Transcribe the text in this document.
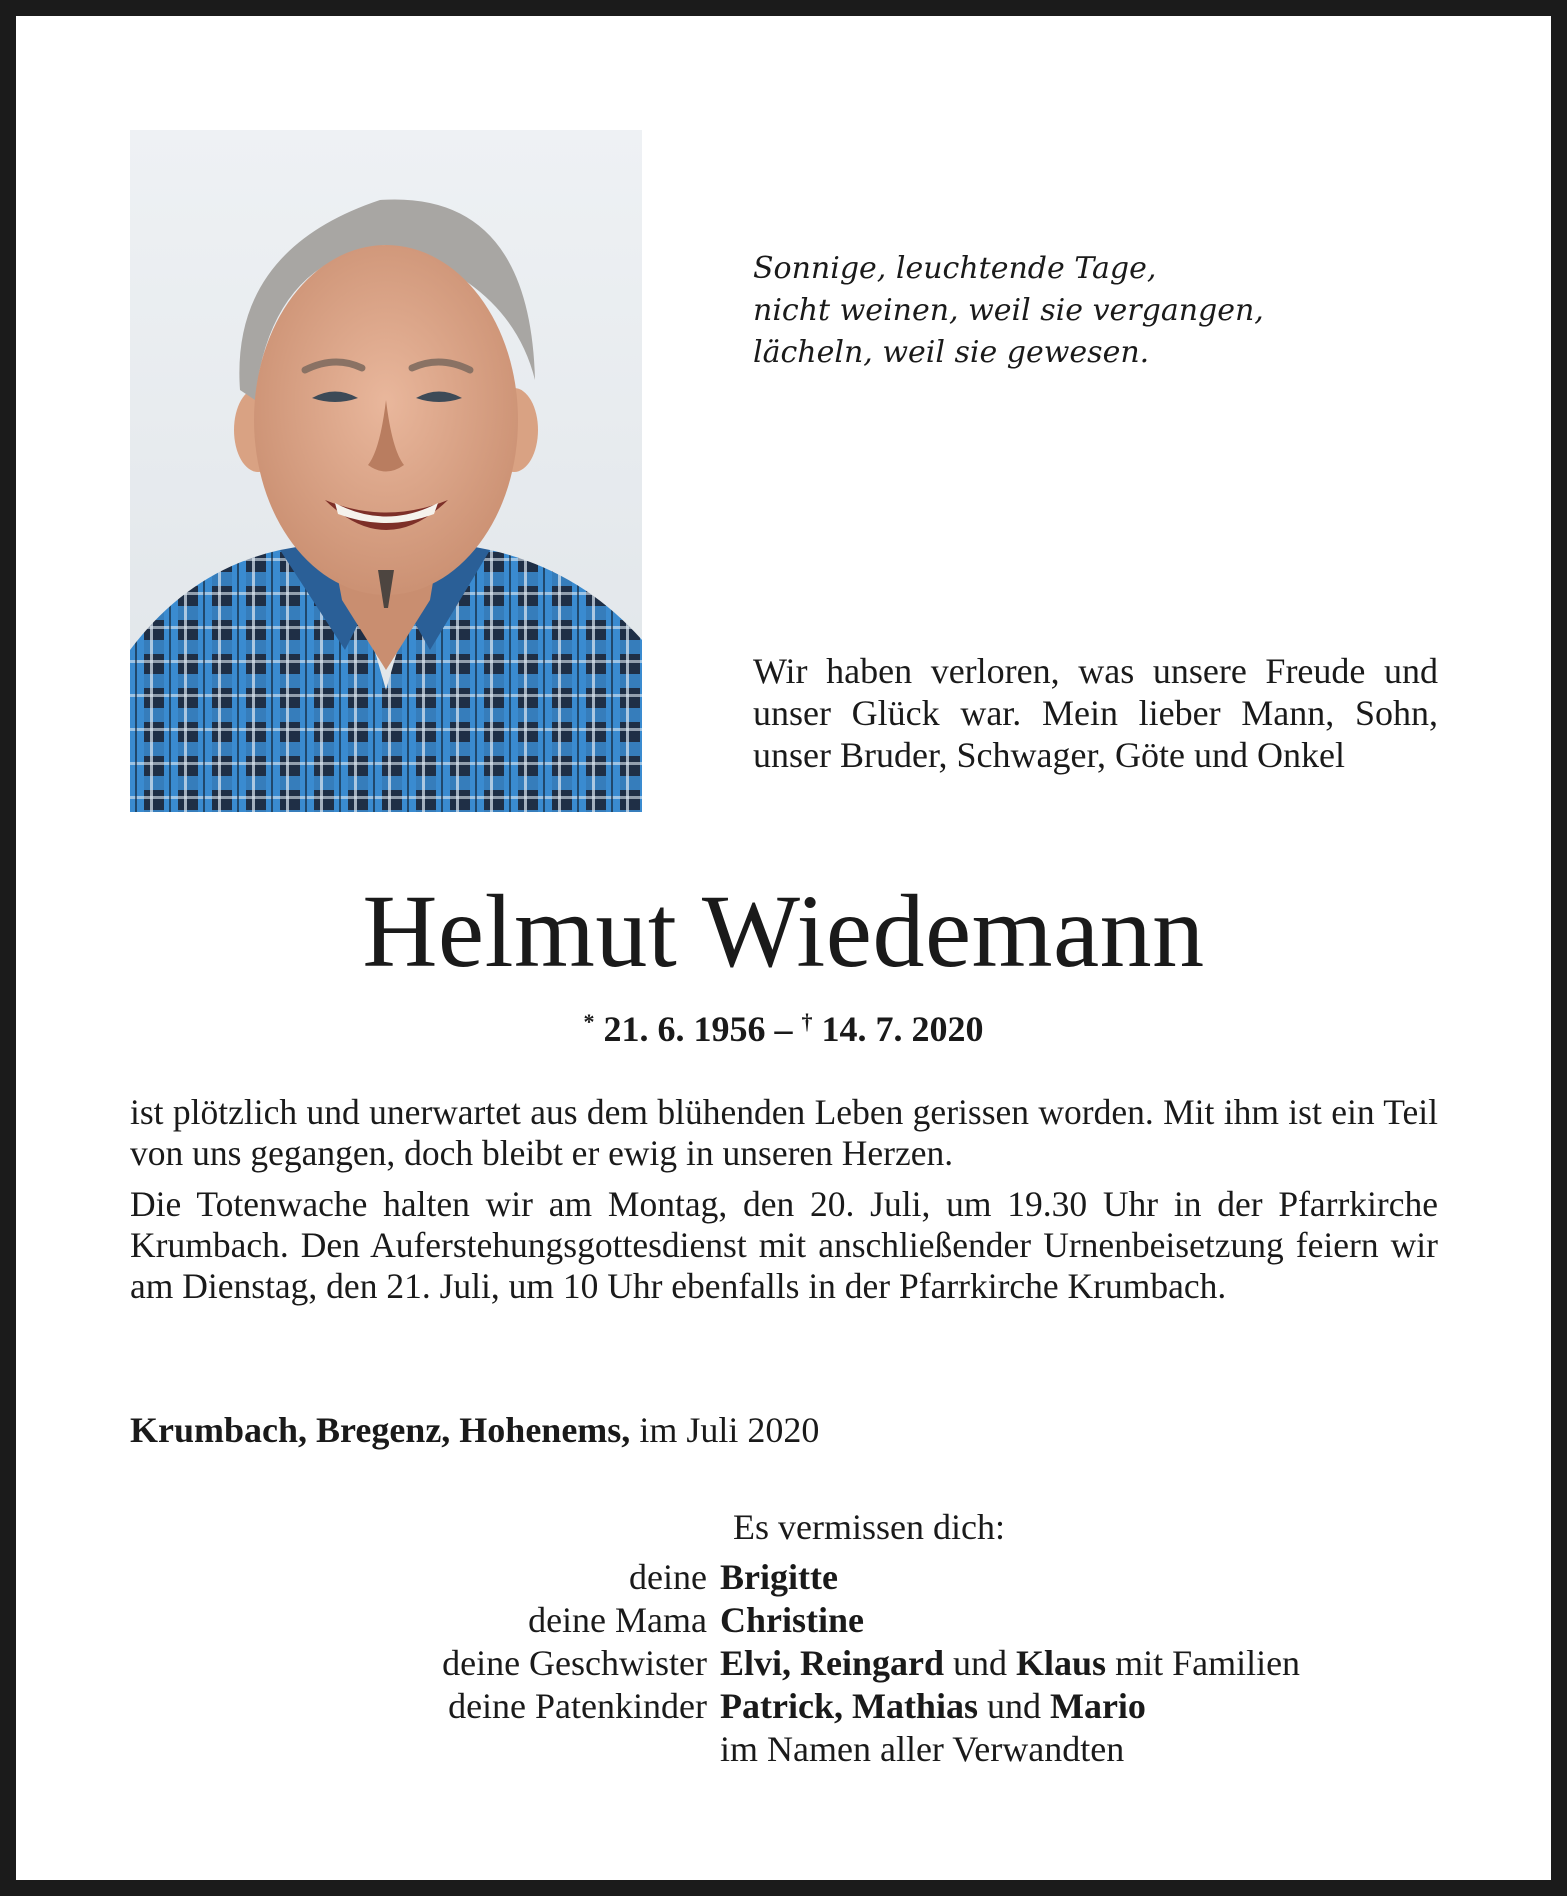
Sonnige, leuchtende Tage,
nicht weinen, weil sie vergangen,
lächeln, weil sie gewesen.

Wir haben verloren, was unsere Freude und unser Glück war. Mein lieber Mann, Sohn, unser Bruder, Schwager, Göte und Onkel

Helmut Wiedemann
* 21. 6. 1956 – † 14. 7. 2020

ist plötzlich und unerwartet aus dem blühenden Leben gerissen worden. Mit ihm ist ein Teil von uns gegangen, doch bleibt er ewig in unseren Herzen.

Die Totenwache halten wir am Montag, den 20. Juli, um 19.30 Uhr in der Pfarrkirche Krumbach. Den Auferstehungsgottesdienst mit anschließender Urnenbeisetzung feiern wir am Dienstag, den 21. Juli, um 10 Uhr ebenfalls in der Pfarrkirche Krumbach.

Krumbach, Bregenz, Hohenems, im Juli 2020
Es vermissen dich:
deine Brigitte
deine Mama Christine
deine Geschwister Elvi, Reingard und Klaus mit Familien
deine Patenkinder Patrick, Mathias und Mario
im Namen aller Verwandten
